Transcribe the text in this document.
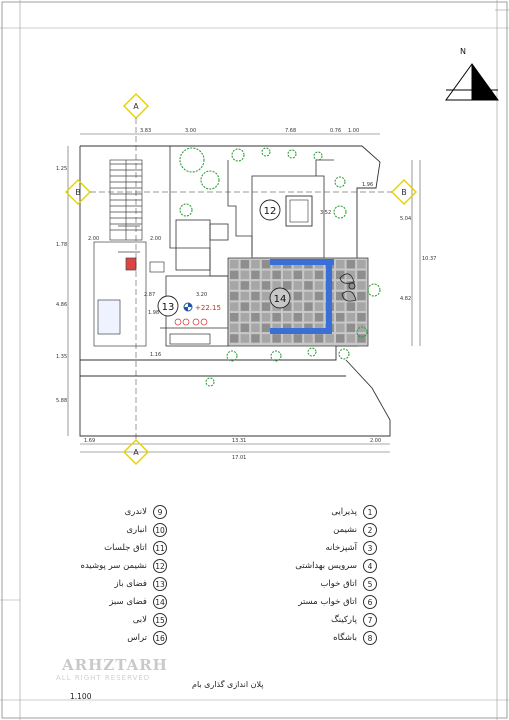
3.83	3.00	7.68	0.76 1.00
1.69	13.31	2.00
17.01
1.25
1.78
4.86
1.35
5.88
5.04
4.82
10.37
2.00
1.96
3.52
2.00
2.87
1.98
3.20
1.16
A
A
B	B
12
13
14
+22.15
N
1
پذیرایی
2
نشیمن
3
آشپزخانه
4
سرویس بهداشتی
5
اتاق خواب
6
اتاق خواب مستر
7
پارکینگ
8
باشگاه
9
لاندری
10
انباری
11
اتاق جلسات
12
نشیمن سر پوشیده
13
فضای باز
14
فضای سبز
15
لابی
16
تراس
ARHZTARH
ALL RIGHT RESERVED
پلان اندازی گذاری بام
1.100
